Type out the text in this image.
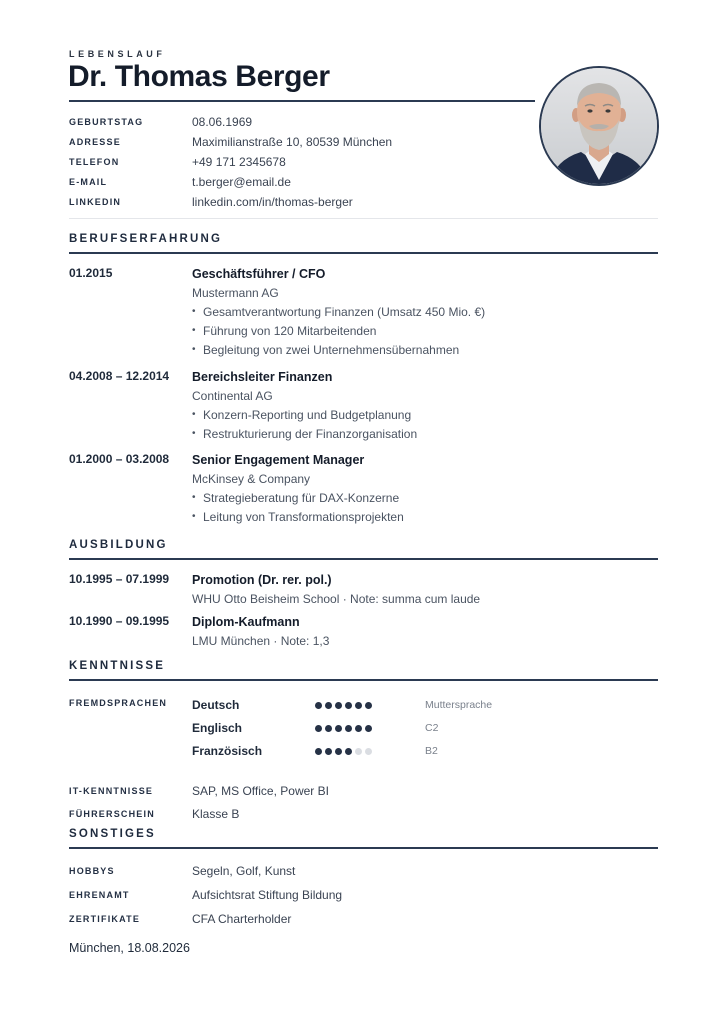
LEBENSLAUF
Dr. Thomas Berger
GEBURTSTAG	08.06.1969
ADRESSE	Maximilianstraße 10, 80539 München
TELEFON	+49 171 2345678
E-MAIL	t.berger@email.de
LINKEDIN	linkedin.com/in/thomas-berger
BERUFSERFAHRUNG
01.2015	Geschäftsführer / CFO
Mustermann AG
• Gesamtverantwortung Finanzen (Umsatz 450 Mio. €)
• Führung von 120 Mitarbeitenden
• Begleitung von zwei Unternehmensübernahmen
04.2008 – 12.2014 Bereichsleiter Finanzen
Continental AG
• Konzern-Reporting und Budgetplanung
• Restrukturierung der Finanzorganisation
01.2000 – 03.2008 Senior Engagement Manager
McKinsey & Company
• Strategieberatung für DAX-Konzerne
• Leitung von Transformationsprojekten
AUSBILDUNG
10.1995 – 07.1999 Promotion (Dr. rer. pol.)
WHU Otto Beisheim School · Note: summa cum laude
10.1990 – 09.1995 Diplom-Kaufmann
LMU München · Note: 1,3
KENNTNISSE
FREMDSPRACHEN	Deutsch	Muttersprache
Englisch	C2
Französisch	B2
IT-KENNTNISSE	SAP, MS Office, Power BI
FÜHRERSCHEIN	Klasse B
SONSTIGES
HOBBYS	Segeln, Golf, Kunst
EHRENAMT	Aufsichtsrat Stiftung Bildung
ZERTIFIKATE	CFA Charterholder
München, 18.08.2026
